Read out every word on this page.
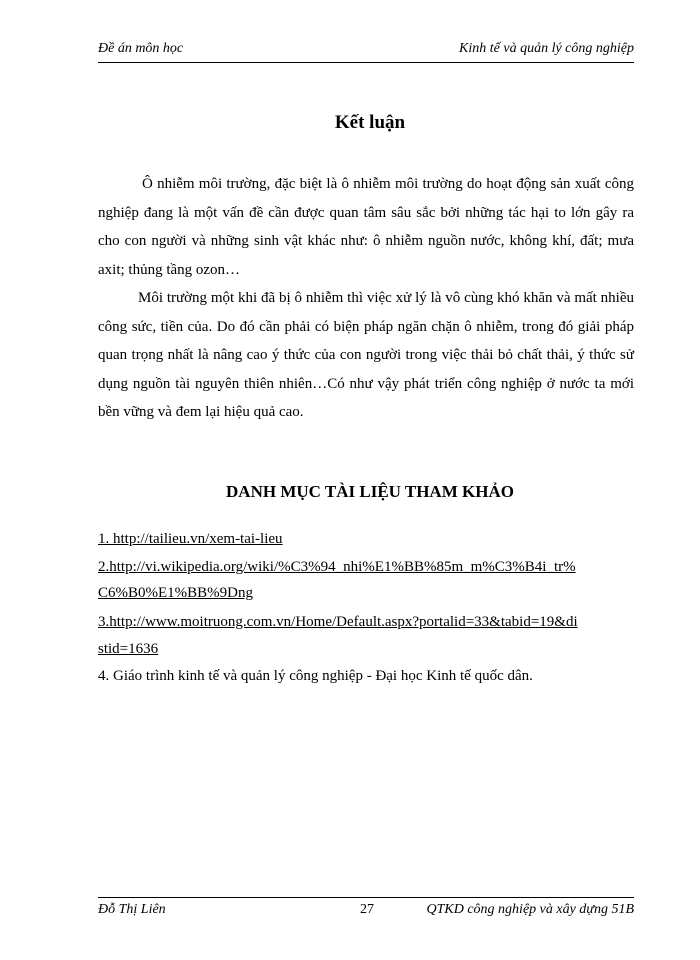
Đề án môn học	Kinh tế và quản lý công nghiệp
Kết luận

Ô nhiễm môi trường, đặc biệt là ô nhiễm môi trường do hoạt động sản xuất công nghiệp đang là một vấn đề cần được quan tâm sâu sắc bởi những tác hại to lớn gây ra cho con người và những sinh vật khác như: ô nhiễm nguồn nước, không khí, đất; mưa axit; thủng tầng ozon…

Môi trường một khi đã bị ô nhiễm thì việc xử lý là vô cùng khó khăn và mất nhiều công sức, tiền của. Do đó cần phải có biện pháp ngăn chặn ô nhiễm, trong đó giải pháp quan trọng nhất là nâng cao ý thức của con người trong việc thải bỏ chất thải, ý thức sử dụng nguồn tài nguyên thiên nhiên…Có như vậy phát triển công nghiệp ở nước ta mới bền vững và đem lại hiệu quả cao.

DANH MỤC TÀI LIỆU THAM KHẢO
1. http://tailieu.vn/xem-tai-lieu
2.http://vi.wikipedia.org/wiki/%C3%94_nhi%E1%BB%85m_m%C3%B4i_tr%
C6%B0%E1%BB%9Dng
3.http://www.moitruong.com.vn/Home/Default.aspx?portalid=33&tabid=19&di
stid=1636
4. Giáo trình kinh tế và quản lý công nghiệp - Đại học Kinh tế quốc dân.
Đỗ Thị Liên	27	QTKD công nghiệp và xây dựng 51B
